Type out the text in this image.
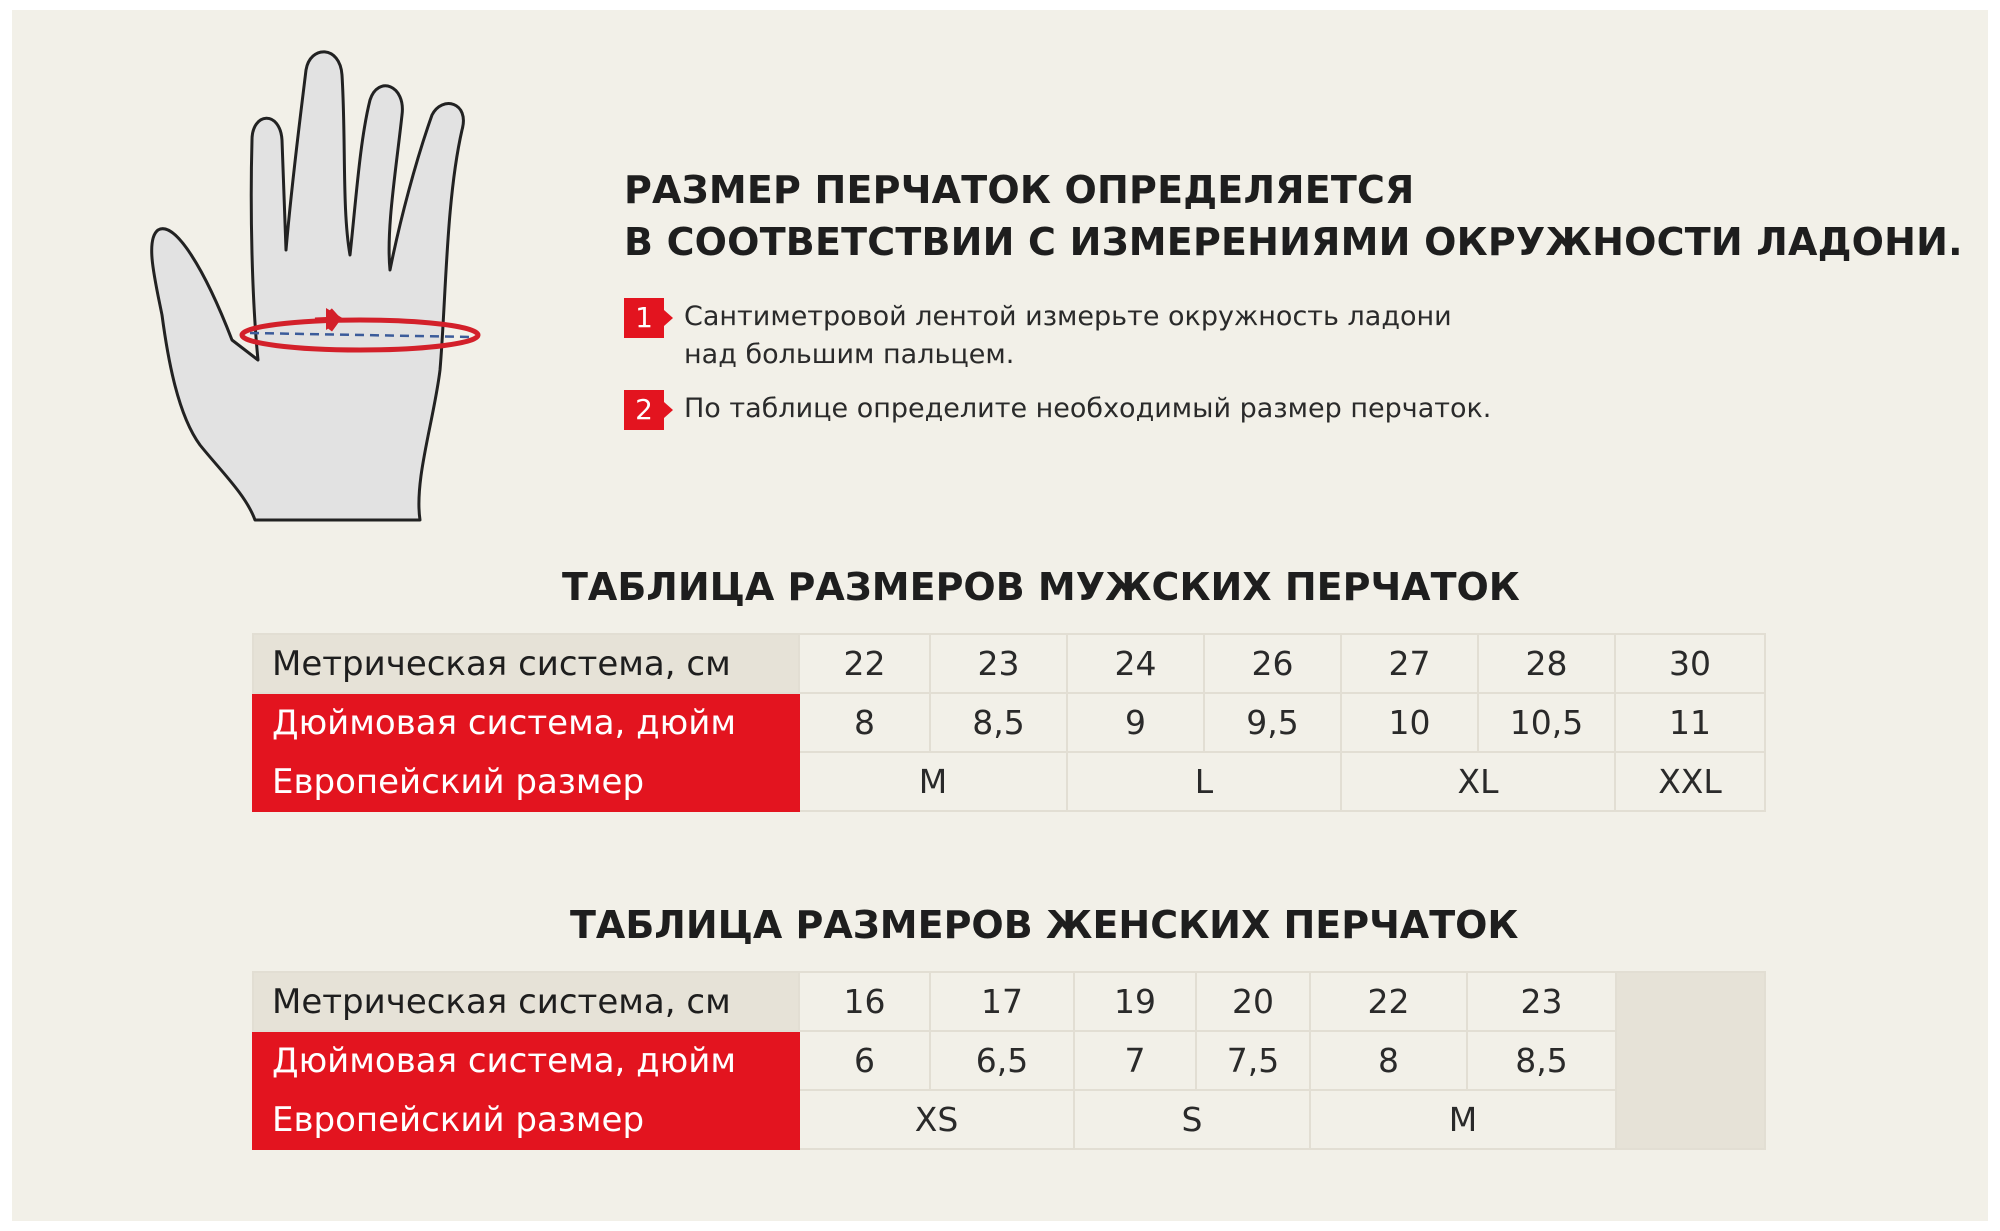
РАЗМЕР ПЕРЧАТОК ОПРЕДЕЛЯЕТСЯ
В СООТВЕТСТВИИ С ИЗМЕРЕНИЯМИ ОКРУЖНОСТИ ЛАДОНИ.
1	Сантиметровой лентой измерьте окружность ладони
над большим пальцем.
2	По таблице определите необходимый размер перчаток.
ТАБЛИЦА РАЗМЕРОВ МУЖСКИХ ПЕРЧАТОК
Метрическая система, см	22	23	24	26	27	28	30
Дюймовая система, дюйм	8	8,5	9	9,5	10	10,5	11
Европейский размер	M		L		XL		XXL
ТАБЛИЦА РАЗМЕРОВ ЖЕНСКИХ ПЕРЧАТОК
Метрическая система, см	16	17	19	20	22	23	
Дюймовая система, дюйм	6	6,5	7	7,5	8	8,5	
Европейский размер	XS		S		M		
